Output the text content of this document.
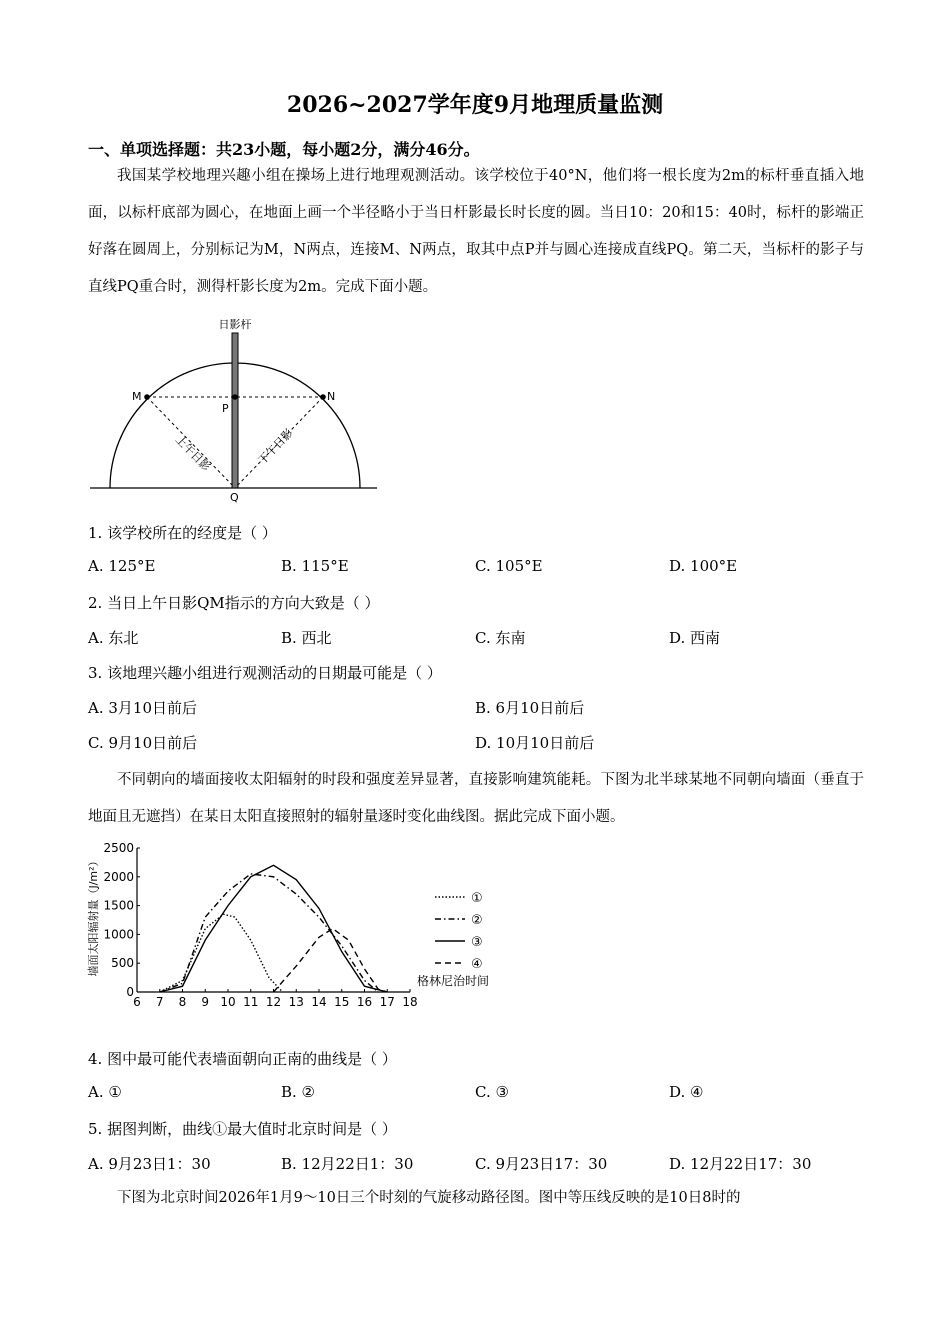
2026~2027学年度9月地理质量监测
一、单项选择题：共23小题，每小题2分，满分46分。
我国某学校地理兴趣小组在操场上进行地理观测活动。该学校位于40°N，他们将一根长度为2m的标杆垂直插入地面，以标杆底部为圆心，在地面上画一个半径略小于当日杆影最长时长度的圆。当日10：20和15：40时，标杆的影端正好落在圆周上，分别标记为M，N两点，连接M、N两点，取其中点P并与圆心连接成直线PQ。第二天，当标杆的影子与直线PQ重合时，测得杆影长度为2m。完成下面小题。
日影杆
M	N
P
Q
上午日影	下午日影
1. 该学校所在的经度是（ ）
A. 125°E	B. 115°E	C. 105°E	D. 100°E
2. 当日上午日影QM指示的方向大致是（ ）
A. 东北	B. 西北	C. 东南	D. 西南
3. 该地理兴趣小组进行观测活动的日期最可能是（ ）
A. 3月10日前后	B. 6月10日前后
C. 9月10日前后	D. 10月10日前后
不同朝向的墙面接收太阳辐射的时段和强度差异显著，直接影响建筑能耗。下图为北半球某地不同朝向墙面（垂直于地面且无遮挡）在某日太阳直接照射的辐射量逐时变化曲线图。据此完成下面小题。
墙面太阳辐射量（J/m²）
6 7 8 9 10 11 12 13 14 15 16 17 18
0
500
1000
1500
2000
2500
①
②
③
④
格林尼治时间
4. 图中最可能代表墙面朝向正南的曲线是（ ）
A. ①	B. ②	C. ③	D. ④
5. 据图判断，曲线①最大值时北京时间是（ ）
A. 9月23日1：30	B. 12月22日1：30	C. 9月23日17：30	D. 12月22日17：30
下图为北京时间2026年1月9～10日三个时刻的气旋移动路径图。图中等压线反映的是10日8时的
